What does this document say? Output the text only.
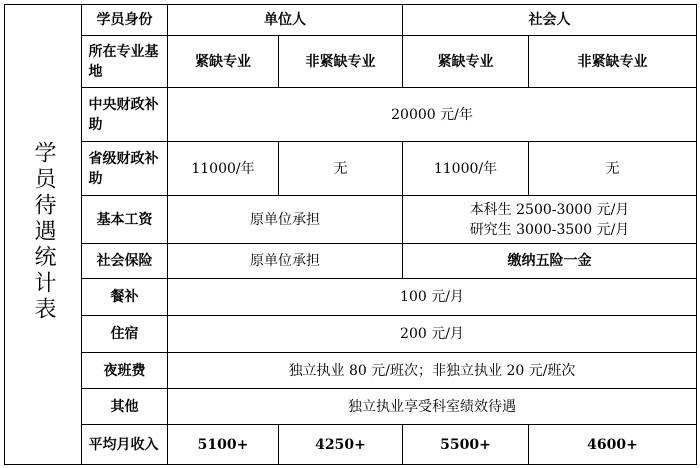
学员待遇统计表	学员身份	单位人		社会人	
	所在专业基地	紧缺专业	非紧缺专业	紧缺专业	非紧缺专业
	中央财政补助	20000 元/年			
	省级财政补助	11000/年	无	11000/年	无
	基本工资	原单位承担		本科生 2500-3000 元/月
研究生 3000-3500 元/月	

	社会保险	原单位承担		缴纳五险一金	
	餐补	100 元/月			
	住宿	200 元/月			
	夜班费	独立执业 80 元/班次；非独立执业 20 元/班次			
	其他	独立执业享受科室绩效待遇			
	平均月收入	5100+	4250+	5500+	4600+
